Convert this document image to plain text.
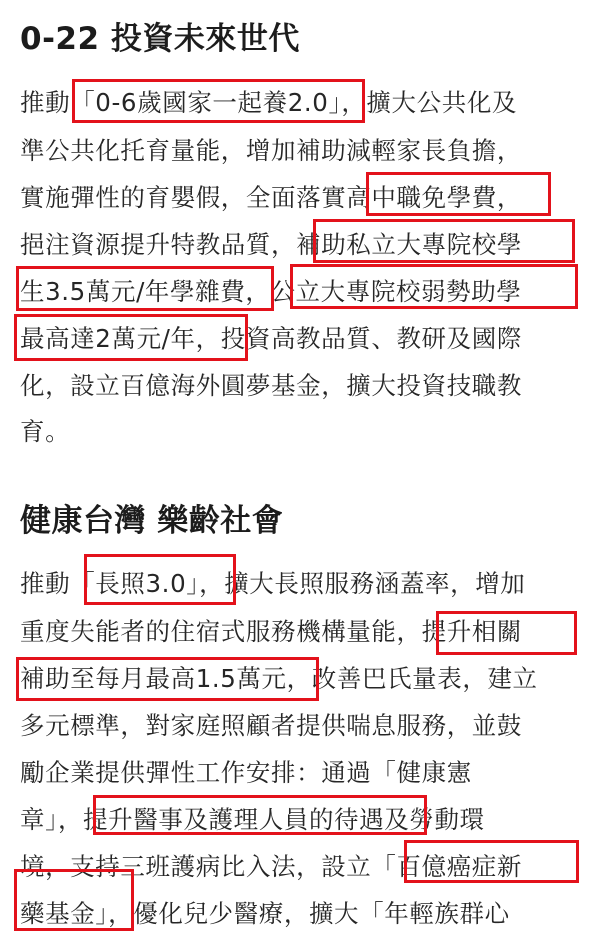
0-22 投資未來世代
推動「0-6歲國家一起養2.0」，擴大公共化及
準公共化托育量能，增加補助減輕家長負擔，
實施彈性的育嬰假，全面落實高中職免學費，
挹注資源提升特教品質，補助私立大專院校學
生3.5萬元/年學雜費，公立大專院校弱勢助學
最高達2萬元/年，投資高教品質、教研及國際
化，設立百億海外圓夢基金，擴大投資技職教
育。
健康台灣 樂齡社會
推動「長照3.0」，擴大長照服務涵蓋率，增加
重度失能者的住宿式服務機構量能，提升相關
補助至每月最高1.5萬元，改善巴氏量表，建立
多元標準，對家庭照顧者提供喘息服務，並鼓
勵企業提供彈性工作安排：通過「健康憲
章」，提升醫事及護理人員的待遇及勞動環
境，支持三班護病比入法，設立「百億癌症新
藥基金」，優化兒少醫療，擴大「年輕族群心
